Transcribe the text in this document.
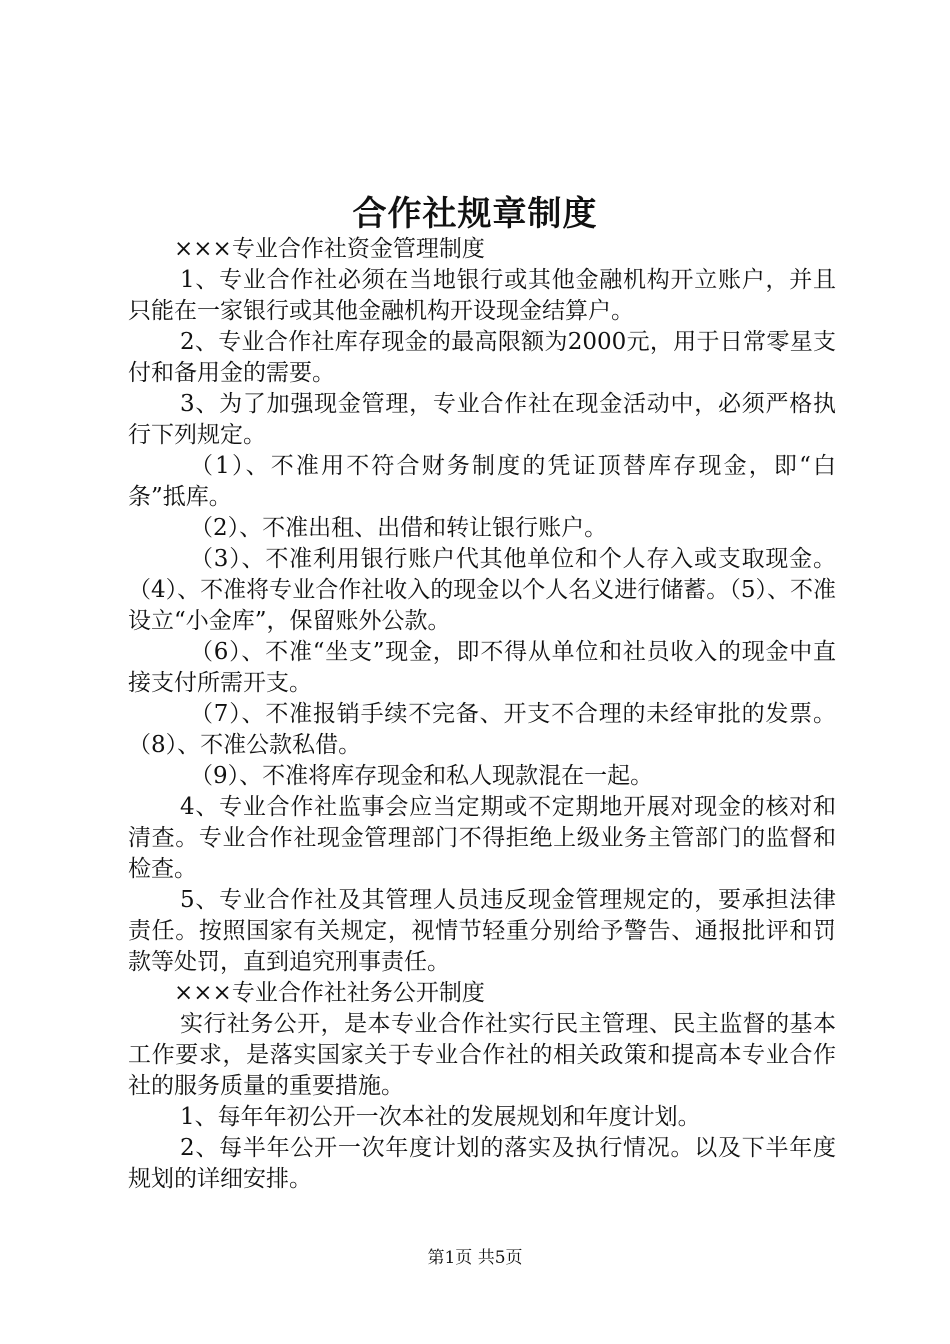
合作社规章制度

×××专业合作社资金管理制度

1、专业合作社必须在当地银行或其他金融机构开立账户，并且只能在一家银行或其他金融机构开设现金结算户。

2、专业合作社库存现金的最高限额为2000元，用于日常零星支付和备用金的需要。

3、为了加强现金管理，专业合作社在现金活动中，必须严格执行下列规定。

（1）、不准用不符合财务制度的凭证顶替库存现金，即“白条”抵库。

（2）、不准出租、出借和转让银行账户。

（3）、不准利用银行账户代其他单位和个人存入或支取现金。（4）、不准将专业合作社收入的现金以个人名义进行储蓄。（5）、不准设立“小金库”，保留账外公款。

（6）、不准“坐支”现金，即不得从单位和社员收入的现金中直接支付所需开支。

（7）、不准报销手续不完备、开支不合理的未经审批的发票。（8）、不准公款私借。

（9）、不准将库存现金和私人现款混在一起。

4、专业合作社监事会应当定期或不定期地开展对现金的核对和清查。专业合作社现金管理部门不得拒绝上级业务主管部门的监督和检查。

5、专业合作社及其管理人员违反现金管理规定的，要承担法律责任。按照国家有关规定，视情节轻重分别给予警告、通报批评和罚款等处罚，直到追究刑事责任。

×××专业合作社社务公开制度

实行社务公开，是本专业合作社实行民主管理、民主监督的基本工作要求，是落实国家关于专业合作社的相关政策和提高本专业合作社的服务质量的重要措施。

1、每年年初公开一次本社的发展规划和年度计划。

2、每半年公开一次年度计划的落实及执行情况。以及下半年度规划的详细安排。

第1页 共5页
